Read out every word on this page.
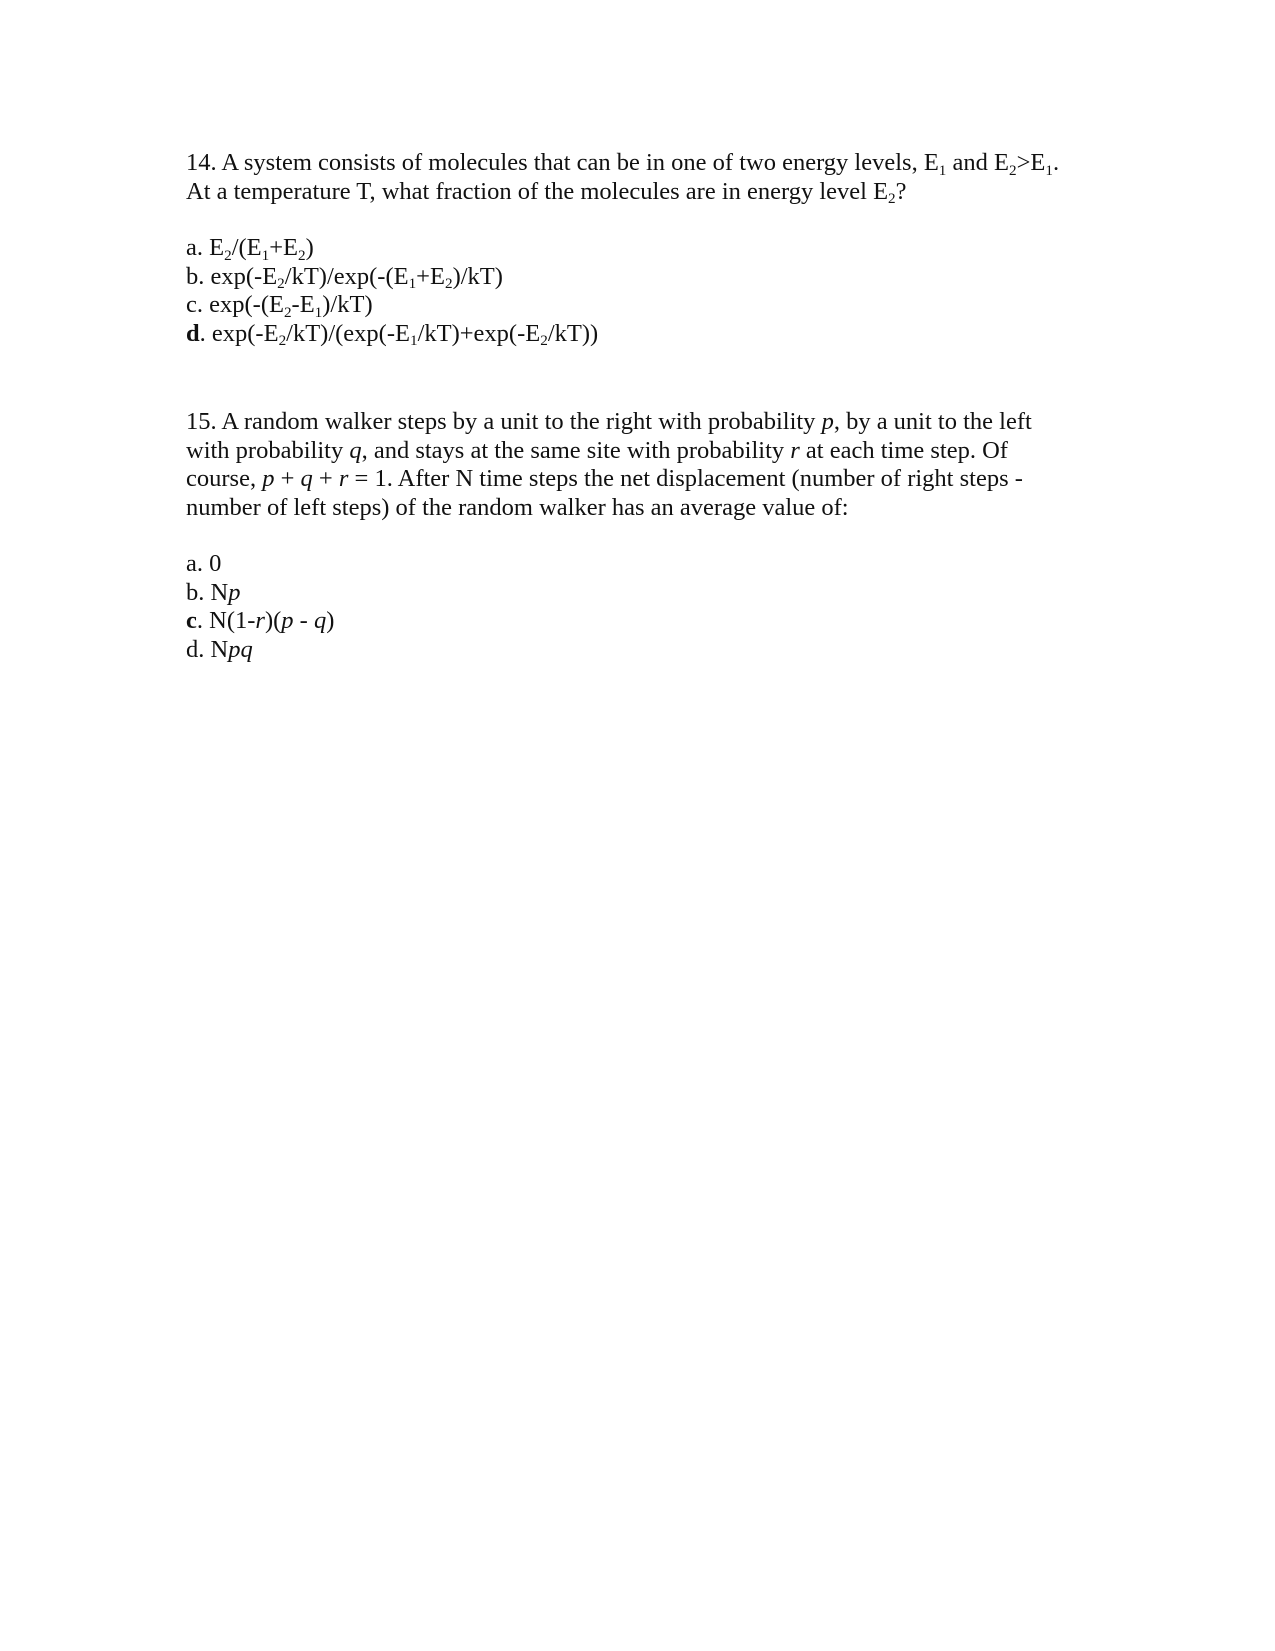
14. A system consists of molecules that can be in one of two energy levels, $E_1$ and $E_2>E_1$.
At a temperature T, what fraction of the molecules are in energy level $E_2$?

a. $E_2/(E_1+E_2)$
b. $\exp(-E_2/kT)/\exp(-(E_1+E_2)/kT)$
c. $\exp(-(E_2-E_1)/kT)$
d. $\exp(-E_2/kT)/(\exp(-E_1/kT)+\exp(-E_2/kT))$

15. A random walker steps by a unit to the right with probability p, by a unit to the left
with probability q, and stays at the same site with probability r at each time step. Of
course, p + q + r = 1. After N time steps the net displacement (number of right steps -
number of left steps) of the random walker has an average value of:

a. 0
b. Np
c. N(1-r)(p - q)
d. Npq
